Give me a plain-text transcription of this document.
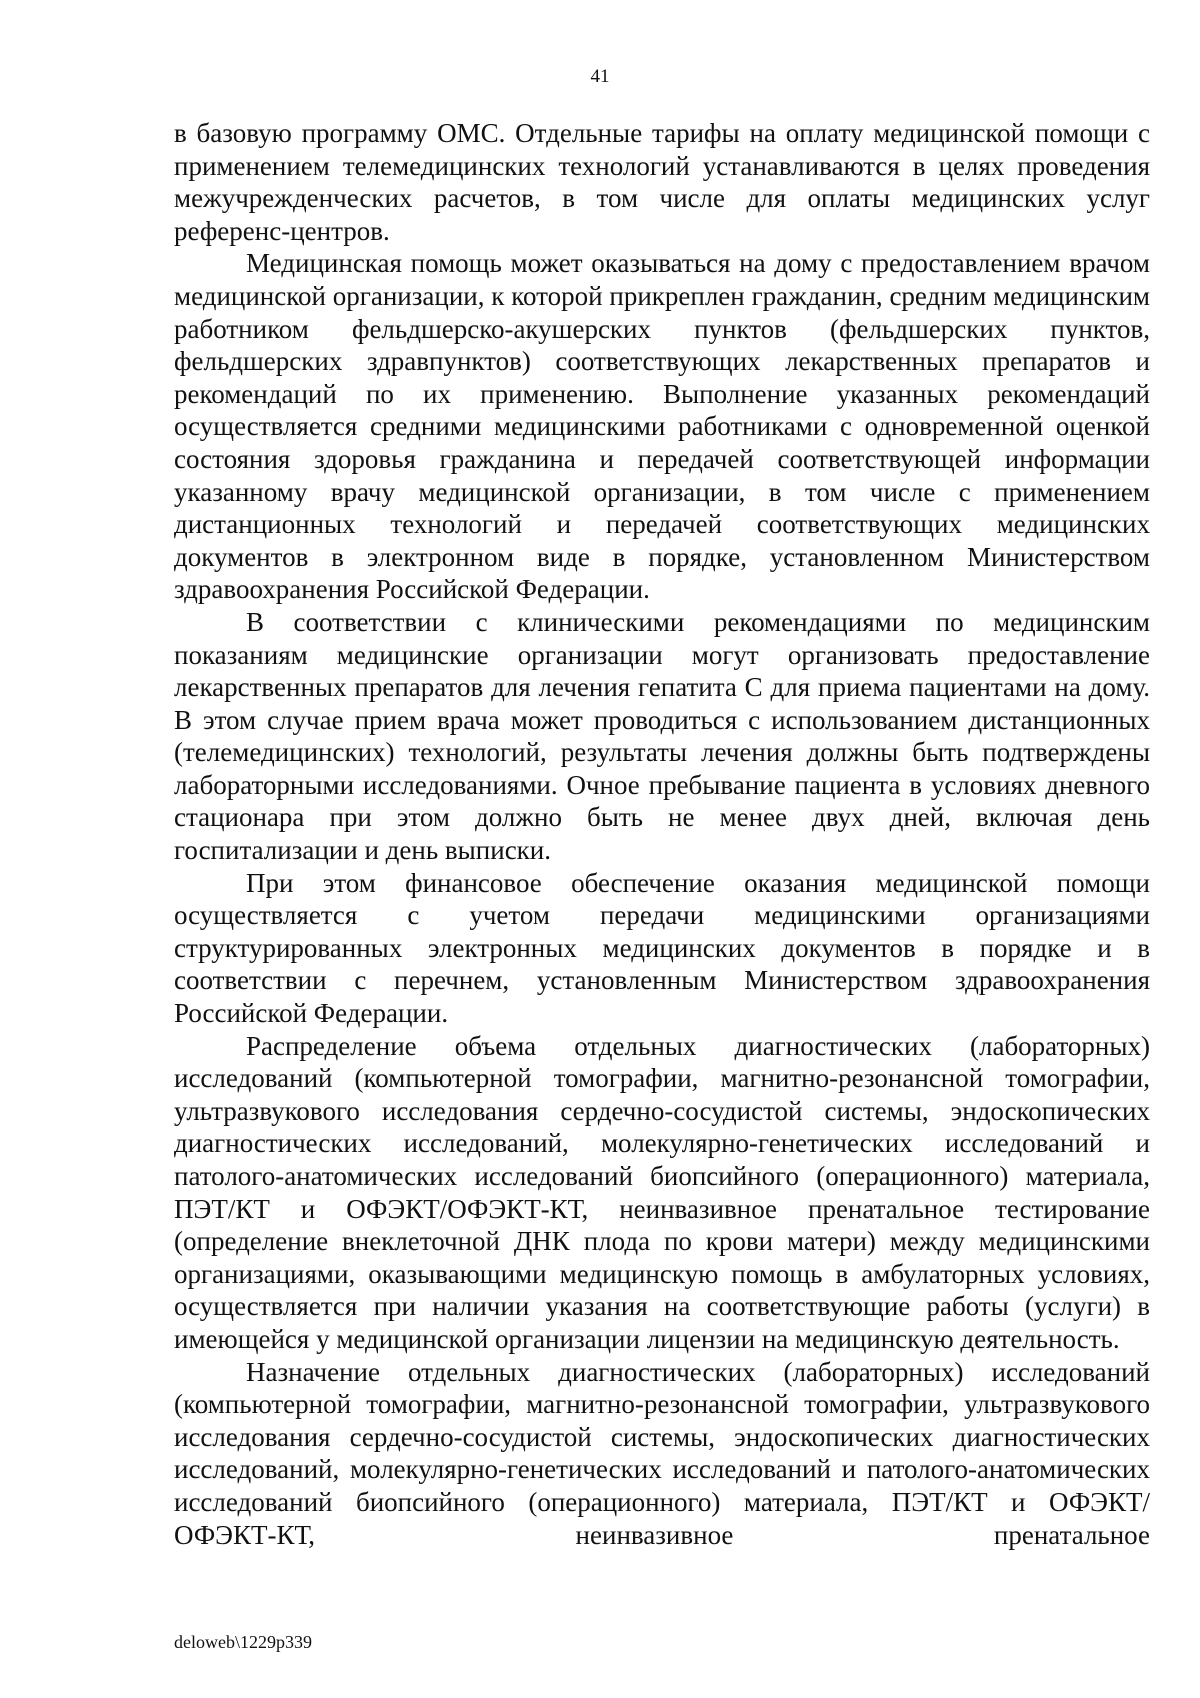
41

в базовую программу ОМС. Отдельные тарифы на оплату медицинской помощи с применением телемедицинских технологий устанавливаются в целях проведения межучрежденческих расчетов, в том числе для оплаты медицинских услуг референс-центров.

Медицинская помощь может оказываться на дому с предоставлением врачом медицинской организации, к которой прикреплен гражданин, средним медицинским работником фельдшерско-акушерских пунктов (фельдшерских пунктов, фельдшерских здравпунктов) соответствующих лекарственных препаратов и рекомендаций по их применению. Выполнение указанных рекомендаций осуществляется средними медицинскими работниками с одновременной оценкой состояния здоровья гражданина и передачей соответствующей информации указанному врачу медицинской организации, в том числе с применением дистанционных технологий и передачей соответствующих медицинских документов в электронном виде в порядке, установленном Министерством здравоохранения Российской Федерации.

В соответствии с клиническими рекомендациями по медицинским показаниям медицинские организации могут организовать предоставление лекарственных препаратов для лечения гепатита С для приема пациентами на дому. В этом случае прием врача может проводиться с использованием дистанционных (телемедицинских) технологий, результаты лечения должны быть подтверждены лабораторными исследованиями. Очное пребывание пациента в условиях дневного стационара при этом должно быть не менее двух дней, включая день госпитализации и день выписки.

При этом финансовое обеспечение оказания медицинской помощи осуществляется с учетом передачи медицинскими организациями структурированных электронных медицинских документов в порядке и в соответствии с перечнем, установленным Министерством здравоохранения Российской Федерации.

Распределение объема отдельных диагностических (лабораторных) исследований (компьютерной томографии, магнитно-резонансной томографии, ультразвукового исследования сердечно-сосудистой системы, эндоскопических диагностических исследований, молекулярно-генетических исследований и патолого-анатомических исследований биопсийного (операционного) материала, ПЭТ/КТ и ОФЭКТ/ОФЭКТ-КТ, неинвазивное пренатальное тестирование (определение внеклеточной ДНК плода по крови матери) между медицинскими организациями, оказывающими медицинскую помощь в амбулаторных условиях, осуществляется при наличии указания на соответствующие работы (услуги) в имеющейся у медицинской организации лицензии на медицинскую деятельность.

Назначение отдельных диагностических (лабораторных) исследований (компьютерной томографии, магнитно-резонансной томографии, ультразвукового исследования сердечно-сосудистой системы, эндоскопических диагностических исследований, молекулярно-генетических исследований и патолого-анатомических исследований биопсийного (операционного) материала, ПЭТ/КТ и ОФЭКТ/ОФЭКТ-КТ, неинвазивное пренатальное

deloweb\1229p339
